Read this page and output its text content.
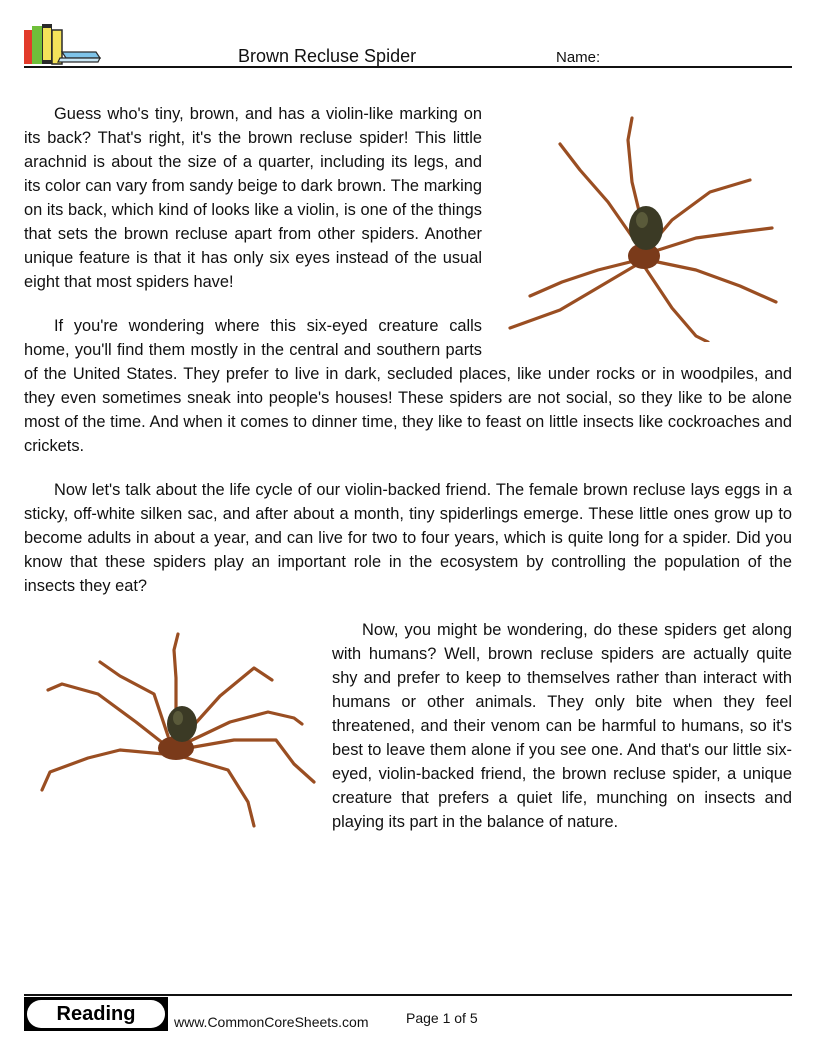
Brown Recluse Spider	Name:

Guess who's tiny, brown, and has a violin-like marking on its back? That's right, it's the brown recluse spider! This little arachnid is about the size of a quarter, including its legs, and its color can vary from sandy beige to dark brown. The marking on its back, which kind of looks like a violin, is one of the things that sets the brown recluse apart from other spiders. Another unique feature is that it has only six eyes instead of the usual eight that most spiders have!

If you're wondering where this six-eyed creature calls home, you'll find them mostly in the central and southern parts of the United States. They prefer to live in dark, secluded places, like under rocks or in woodpiles, and they even sometimes sneak into people's houses! These spiders are not social, so they like to be alone most of the time. And when it comes to dinner time, they like to feast on little insects like cockroaches and crickets.

Now let's talk about the life cycle of our violin-backed friend. The female brown recluse lays eggs in a sticky, off-white silken sac, and after about a month, tiny spiderlings emerge. These little ones grow up to become adults in about a year, and can live for two to four years, which is quite long for a spider. Did you know that these spiders play an important role in the ecosystem by controlling the population of the insects they eat?

Now, you might be wondering, do these spiders get along with humans? Well, brown recluse spiders are actually quite shy and prefer to keep to themselves rather than interact with humans or other animals. They only bite when they feel threatened, and their venom can be harmful to humans, so it's best to leave them alone if you see one. And that's our little six-eyed, violin-backed friend, the brown recluse spider, a unique creature that prefers a quiet life, munching on insects and playing its part in the balance of nature.

Reading	www.CommonCoreSheets.com	Page 1 of 5
